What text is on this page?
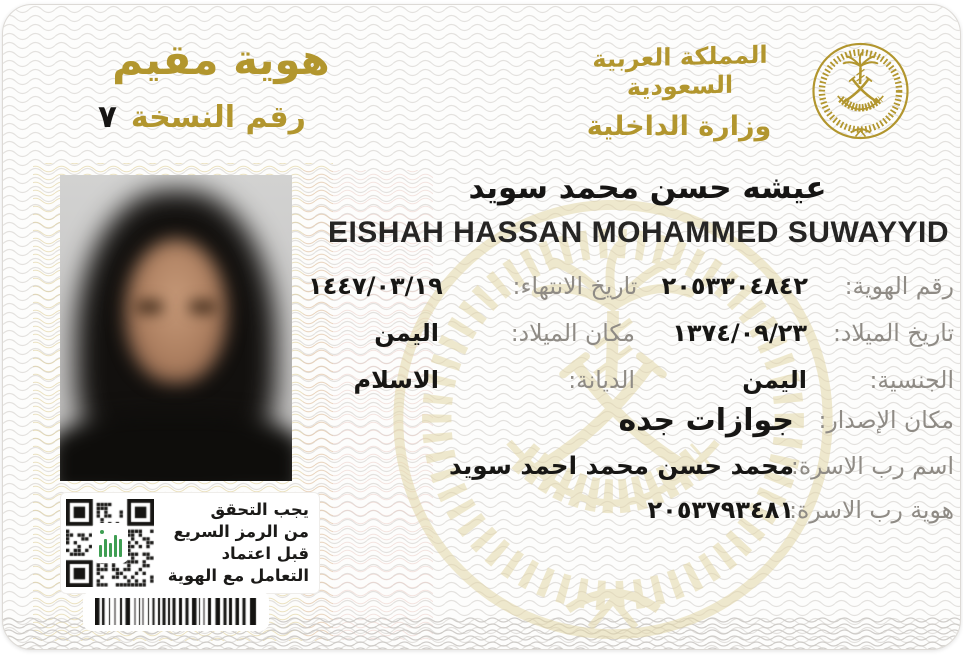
هوية مقيم
رقم النسخة
٧
المملكة العربية السعودية
وزارة الداخلية
عيشه حسن محمد سويد
EISHAH HASSAN MOHAMMED SUWAYYID
رقم الهوية:
٢٠٥٣٣٠٤٨٤٢
تاريخ الانتهاء:
١٤٤٧/٠٣/١٩
تاريخ الميلاد:
١٣٧٤/٠٩/٢٣
مكان الميلاد:
اليمن
الجنسية:
اليمن
الديانة:
الاسلام
مكان الإصدار:
جوازات جده
اسم رب الاسرة:
محمد حسن محمد احمد سويد
هوية رب الاسرة:
٢٠٥٣٧٩٣٤٨١
يجب التحقق
من الرمز السريع
قبل اعتماد
التعامل مع الهوية
